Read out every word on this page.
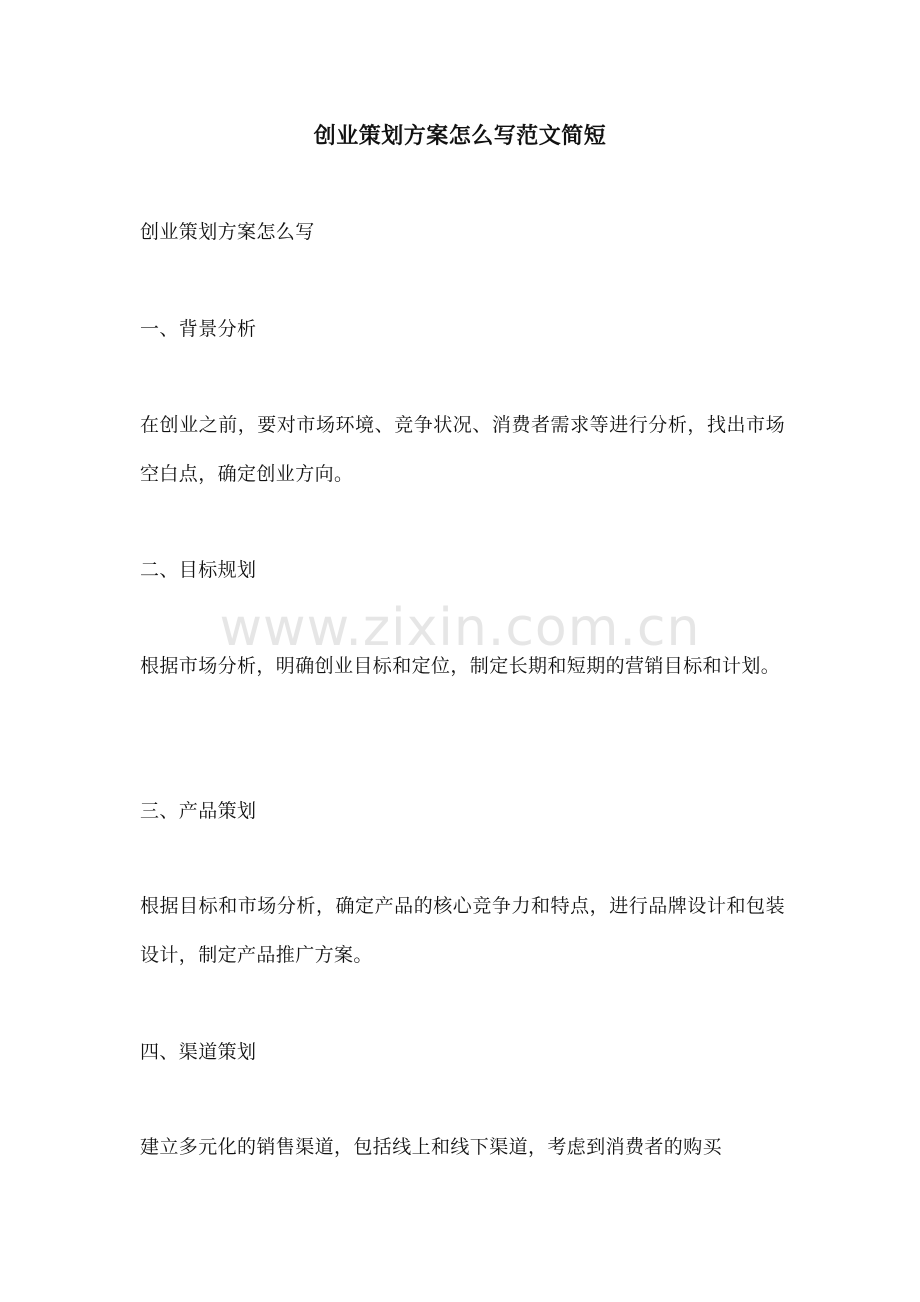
创业策划方案怎么写范文简短
创业策划方案怎么写
一、背景分析
在创业之前，要对市场环境、竞争状况、消费者需求等进行分析，找出市场空白点，确定创业方向。
二、目标规划
根据市场分析，明确创业目标和定位，制定长期和短期的营销目标和计划。
三、产品策划
根据目标和市场分析，确定产品的核心竞争力和特点，进行品牌设计和包装设计，制定产品推广方案。
四、渠道策划
建立多元化的销售渠道，包括线上和线下渠道，考虑到消费者的购买
www.zixin.com.cn
